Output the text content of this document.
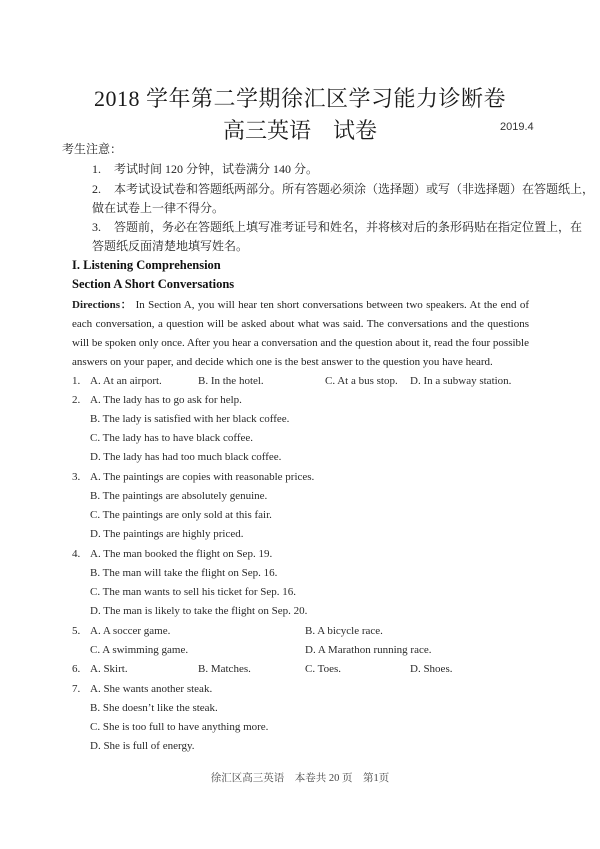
2018 学年第二学期徐汇区学习能力诊断卷
高三英语　试卷	2019.4
考生注意：
1. 考试时间 120 分钟，试卷满分 140 分。
2. 本考试设试卷和答题纸两部分。所有答题必须涂（选择题）或写（非选择题）在答题纸上，
做在试卷上一律不得分。
3. 答题前，务必在答题纸上填写准考证号和姓名，并将核对后的条形码贴在指定位置上，在
答题纸反面清楚地填写姓名。
I. Listening Comprehension
Section A Short Conversations
Directions： In Section A, you will hear ten short conversations between two speakers. At the end of each conversation, a question will be asked about what was said. The conversations and the questions will be spoken only once. After you hear a conversation and the question about it, read the four possible answers on your paper, and decide which one is the best answer to the question you have heard.
1. A. At an airport.	B. In the hotel.	C. At a bus stop. D. In a subway station.
2. A. The lady has to go ask for help.
B. The lady is satisfied with her black coffee.
C. The lady has to have black coffee.
D. The lady has had too much black coffee.
3. A. The paintings are copies with reasonable prices.
B. The paintings are absolutely genuine.
C. The paintings are only sold at this fair.
D. The paintings are highly priced.
4. A. The man booked the flight on Sep. 19.
B. The man will take the flight on Sep. 16.
C. The man wants to sell his ticket for Sep. 16.
D. The man is likely to take the flight on Sep. 20.
5. A. A soccer game.	B. A bicycle race.
C. A swimming game.	D. A Marathon running race.
6. A. Skirt.	B. Matches.	C. Toes.	D. Shoes.
7. A. She wants another steak.
B. She doesn’t like the steak.
C. She is too full to have anything more.
D. She is full of energy.
徐汇区高三英语　本卷共 20 页　第1页
